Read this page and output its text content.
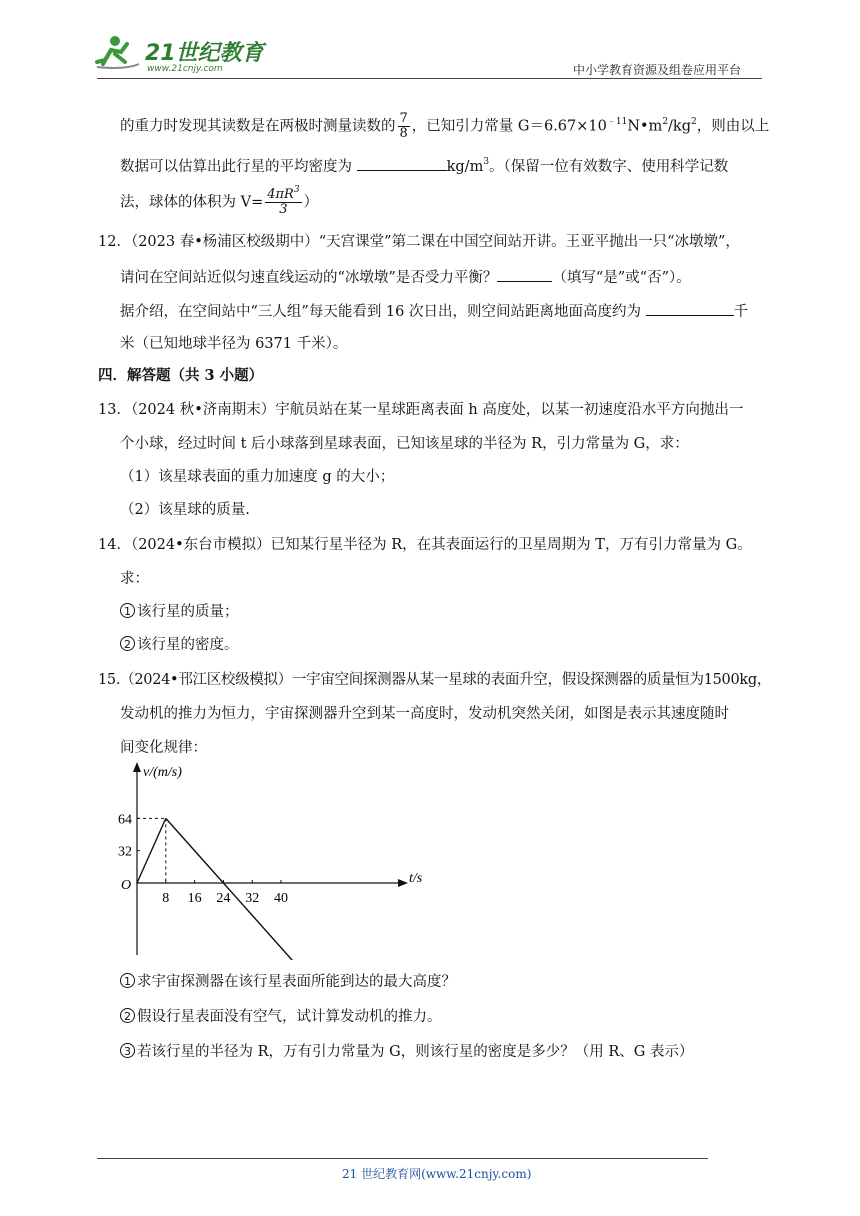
21世纪教育
www.21cnjy.com	中小学教育资源及组卷应用平台
的重力时发现其读数是在两极时测量读数的 $\frac{7}{8}$ ，已知引力常量 $G=6.67\times 10^{﹣11}N•m^2/kg^2$，则由以上
数据可以估算出此行星的平均密度为	$kg/m^3$。（保留一位有效数字、使用科学记数
法，球体的体积为 $V= \frac{4\pi R^3}{3}$ ）
12．（2023 春•杨浦区校级期中）“天宫课堂”第二课在中国空间站开讲。王亚平抛出一只“冰墩墩”，
请问在空间站近似匀速直线运动的“冰墩墩”是否受力平衡？	（填写“是”或“否”）。
据介绍，在空间站中“三人组”每天能看到 16 次日出，则空间站距离地面高度约为	千
米（已知地球半径为 6371 千米）。
四．解答题（共 3 小题）
13．（2024 秋•济南期末）宇航员站在某一星球距离表面 h 高度处，以某一初速度沿水平方向抛出一
个小球，经过时间 t 后小球落到星球表面，已知该星球的半径为 R，引力常量为 G，求：
（1）该星球表面的重力加速度 g 的大小；
（2）该星球的质量.
14．（2024•东台市模拟）已知某行星半径为 R，在其表面运行的卫星周期为 T，万有引力常量为 G。
求：
1 该行星的质量；
2 该行星的密度。
15.（2024•邗江区校级模拟）一宇宙空间探测器从某一星球的表面升空，假设探测器的质量恒为1500kg，
发动机的推力为恒力，宇宙探测器升空到某一高度时，发动机突然关闭，如图是表示其速度随时
间变化规律：
v/(m/s)
t/s
O
64
32
8 16 24 32 40
1 求宇宙探测器在该行星表面所能到达的最大高度？
2 假设行星表面没有空气，试计算发动机的推力。
3 若该行星的半径为 R，万有引力常量为 G，则该行星的密度是多少？（用 R、G 表示）
21 世纪教育网(www.21cnjy.com)
